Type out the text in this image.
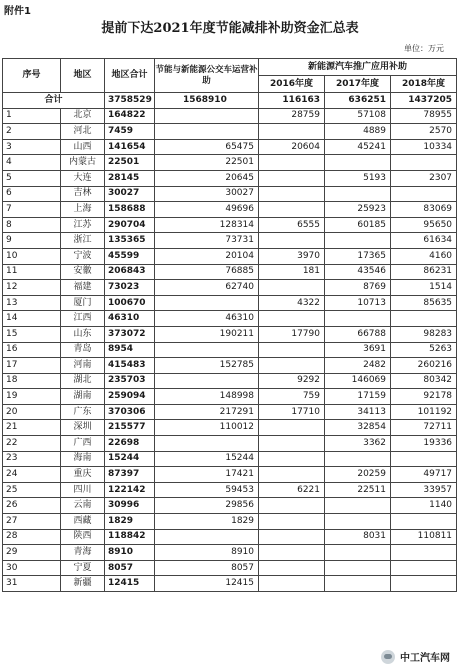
附件1
提前下达2021年度节能减排补助资金汇总表
单位：万元
序号	地区	地区合计	节能与新能源公交车运营补助	新能源汽车推广应用补助		
				2016年度	2017年度	2018年度
合计		3758529	1568910	116163	636251	1437205
1	北京	164822		28759	57108	78955
2	河北	7459			4889	2570
3	山西	141654	65475	20604	45241	10334
4	内蒙古	22501	22501			
5	大连	28145	20645		5193	2307
6	吉林	30027	30027			
7	上海	158688	49696		25923	83069
8	江苏	290704	128314	6555	60185	95650
9	浙江	135365	73731			61634
10	宁波	45599	20104	3970	17365	4160
11	安徽	206843	76885	181	43546	86231
12	福建	73023	62740		8769	1514
13	厦门	100670		4322	10713	85635
14	江西	46310	46310			
15	山东	373072	190211	17790	66788	98283
16	青岛	8954			3691	5263
17	河南	415483	152785		2482	260216
18	湖北	235703		9292	146069	80342
19	湖南	259094	148998	759	17159	92178
20	广东	370306	217291	17710	34113	101192
21	深圳	215577	110012		32854	72711
22	广西	22698			3362	19336
23	海南	15244	15244			
24	重庆	87397	17421		20259	49717
25	四川	122142	59453	6221	22511	33957
26	云南	30996	29856			1140
27	西藏	1829	1829			
28	陕西	118842			8031	110811
29	青海	8910	8910			
30	宁夏	8057	8057			
31	新疆	12415	12415			
中工汽车网
